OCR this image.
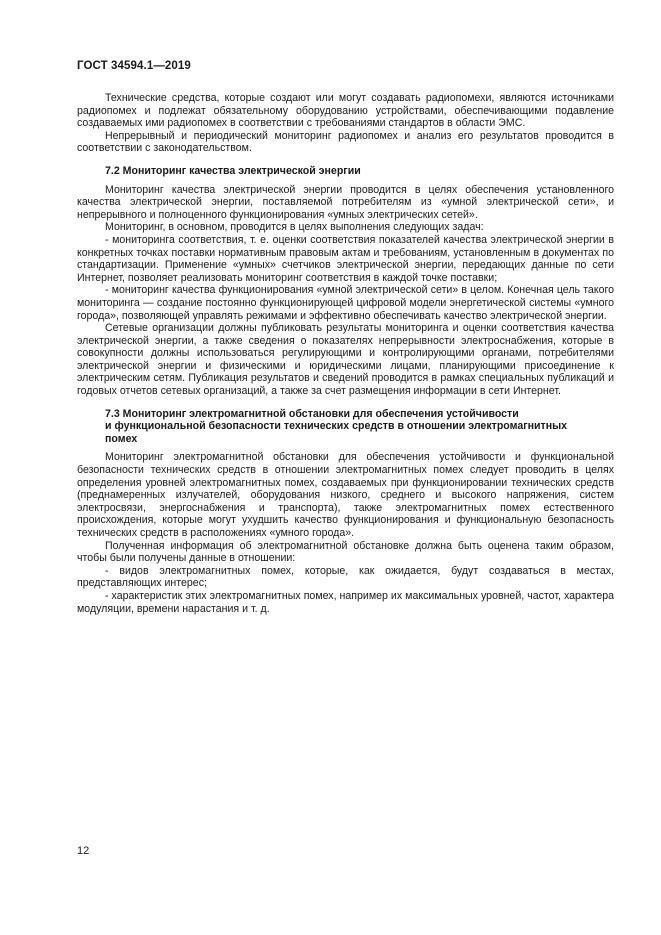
ГОСТ 34594.1—2019

Технические средства, которые создают или могут создавать радиопомехи, являются источниками радиопомех и подлежат обязательному оборудованию устройствами, обеспечивающими подавление создаваемых ими радиопомех в соответствии с требованиями стандартов в области ЭМС.

Непрерывный и периодический мониторинг радиопомех и анализ его результатов проводится в соответствии с законодательством.

7.2 Мониторинг качества электрической энергии

Мониторинг качества электрической энергии проводится в целях обеспечения установленного качества электрической энергии, поставляемой потребителям из «умной электрической сети», и непрерывного и полноценного функционирования «умных электрических сетей».

Мониторинг, в основном, проводится в целях выполнения следующих задач:

- мониторинга соответствия, т. е. оценки соответствия показателей качества электрической энергии в конкретных точках поставки нормативным правовым актам и требованиям, установленным в документах по стандартизации. Применение «умных» счетчиков электрической энергии, передающих данные по сети Интернет, позволяет реализовать мониторинг соответствия в каждой точке поставки;

- мониторинг качества функционирования «умной электрической сети» в целом. Конечная цель такого мониторинга — создание постоянно функционирующей цифровой модели энергетической системы «умного города», позволяющей управлять режимами и эффективно обеспечивать качество электрической энергии.

Сетевые организации должны публиковать результаты мониторинга и оценки соответствия качества электрической энергии, а также сведения о показателях непрерывности электроснабжения, которые в совокупности должны использоваться регулирующими и контролирующими органами, потребителями электрической энергии и физическими и юридическими лицами, планирующими присоединение к электрическим сетям. Публикация результатов и сведений проводится в рамках специальных публикаций и годовых отчетов сетевых организаций, а также за счет размещения информации в сети Интернет.

7.3 Мониторинг электромагнитной обстановки для обеспечения устойчивости
и функциональной безопасности технических средств в отношении электромагнитных
помех

Мониторинг электромагнитной обстановки для обеспечения устойчивости и функциональной безопасности технических средств в отношении электромагнитных помех следует проводить в целях определения уровней электромагнитных помех, создаваемых при функционировании технических средств (преднамеренных излучателей, оборудования низкого, среднего и высокого напряжения, систем электросвязи, энергоснабжения и транспорта), также электромагнитных помех естественного происхождения, которые могут ухудшить качество функционирования и функциональную безопасность технических средств в расположениях «умного города».

Полученная информация об электромагнитной обстановке должна быть оценена таким образом, чтобы были получены данные в отношении:

- видов электромагнитных помех, которые, как ожидается, будут создаваться в местах, представляющих интерес;

- характеристик этих электромагнитных помех, например их максимальных уровней, частот, характера модуляции, времени нарастания и т. д.

12
